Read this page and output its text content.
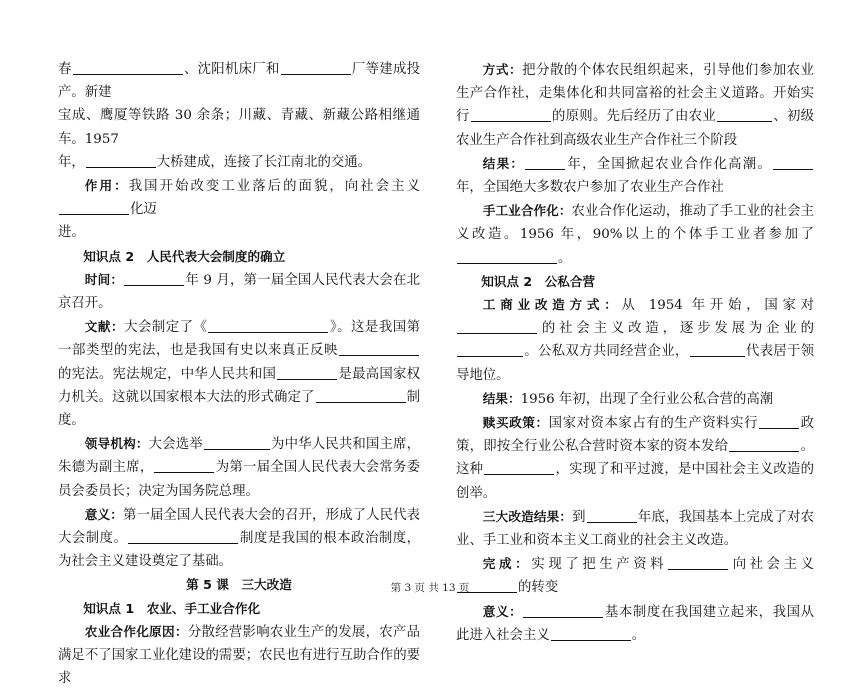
春	、沈阳机床厂和	厂等建成投产。新建

宝成、鹰厦等铁路 30 余条；川藏、青藏、新藏公路相继通车。1957

年，	大桥建成，连接了长江南北的交通。

作用：我国开始改变工业落后的面貌，向社会主义化迈
进。

知识点 2　人民代表大会制度的确立

时间：	年 9 月，第一届全国人民代表大会在北京召开。

文献：大会制定了《	》。这是我国第一部类型的宪法，也是我国有史以来真正反映的宪法。宪法规定，中华人民共和国	是最高国家权力机关。这就以国家根本大法的形式确定了	制度。

领导机构：大会选举	为中华人民共和国主席，朱德为副主席，	为第一届全国人民代表大会常务委员会委员长；决定为国务院总理。

意义：第一届全国人民代表大会的召开，形成了人民代表大会制度。	制度是我国的根本政治制度，为社会主义建设奠定了基础。

第 5 课　三大改造

知识点 1　农业、手工业合作化

农业合作化原因：分散经营影响农业生产的发展，农产品满足不了国家工业化建设的需要；农民也有进行互助合作的要求

方式：把分散的个体农民组织起来，引导他们参加农业生产合作社，走集体化和共同富裕的社会主义道路。开始实行	的原则。先后经历了由农业	、初级农业生产合作社到高级农业生产合作社三个阶段

结果：	年，全国掀起农业合作化高潮。年，全国绝大多数农户参加了农业生产合作社

手工业合作化：农业合作化运动，推动了手工业的社会主义改造。1956 年，90%以上的个体手工业者参加了。

知识点 2　公私合营

工商业改造方式：从 1954 年开始，国家对的社会主义改造，逐步发展为企业的。公私双方共同经营企业，	代表居于领导地位。

结果：1956 年初，出现了全行业公私合营的高潮

赎买政策：国家对资本家占有的生产资料实行	政策，即按全行业公私合营时资本家的资本发给	。这种	，实现了和平过渡，是中国社会主义改造的创举。

三大改造结果：到	年底，我国基本上完成了对农业、手工业和资本主义工商业的社会主义改造。

完成：实现了把生产资料	向社会主义的转变

意义：	基本制度在我国建立起来，我国从此进入社会主义	。

第 3 页 共 13 页
